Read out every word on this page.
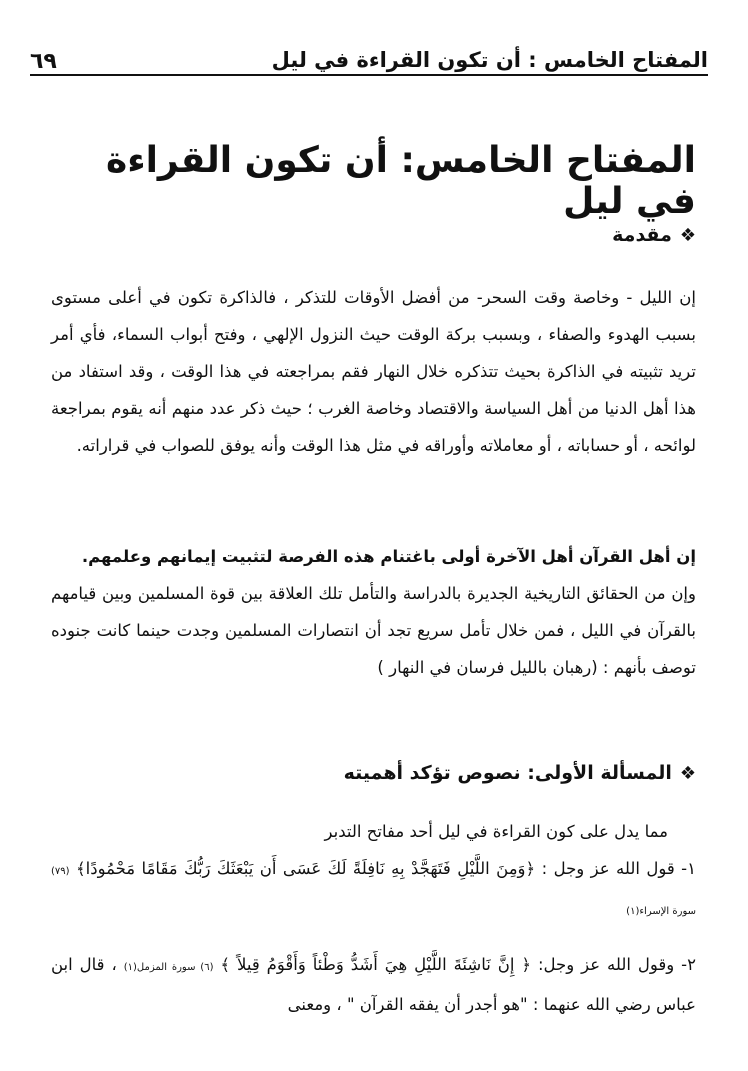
المفتاح الخامس : أن تكون القراءة في ليل
٦٩
المفتاح الخامس: أن تكون القراءة في ليل
❖
مقدمة

إن الليل - وخاصة وقت السحر- من أفضل الأوقات للتذكر ، فالذاكرة تكون في أعلى مستوى بسبب الهدوء والصفاء ، وبسبب بركة الوقت حيث النزول الإلهي ، وفتح أبواب السماء، فأي أمر تريد تثبيته في الذاكرة بحيث تتذكره خلال النهار فقم بمراجعته في هذا الوقت ، وقد استفاد من هذا أهل الدنيا من أهل السياسة والاقتصاد وخاصة الغرب ؛ حيث ذكر عدد منهم أنه يقوم بمراجعة لوائحه ، أو حساباته ، أو معاملاته وأوراقه في مثل هذا الوقت وأنه يوفق للصواب في قراراته.

إن أهل القرآن أهل الآخرة أولى باغتنام هذه الفرصة لتثبيت إيمانهم وعلمهم.

وإن من الحقائق التاريخية الجديرة بالدراسة والتأمل تلك العلاقة بين قوة المسلمين وبين قيامهم بالقرآن في الليل ، فمن خلال تأمل سريع تجد أن انتصارات المسلمين وجدت حينما كانت جنوده توصف بأنهم : (رهبان بالليل فرسان في النهار )

❖
المسألة الأولى: نصوص تؤكد أهميته

مما يدل على كون القراءة في ليل أحد مفاتح التدبر

١- قول الله عز وجل : ﴿وَمِنَ اللَّيْلِ فَتَهَجَّدْ بِهِ نَافِلَةً لَكَ عَسَى أَن يَبْعَثَكَ رَبُّكَ مَقَامًا مَحْمُودًا﴾ (٧٩) سورة الإسراء(١)

٢- وقول الله عز وجل: ﴿ إِنَّ نَاشِئَةَ اللَّيْلِ هِيَ أَشَدُّ وَطْئاً وَأَقْوَمُ قِيلاً ﴾ (٦) سورة المزمل(١) ، قال ابن عباس رضي الله عنهما : "هو أجدر أن يفقه القرآن " ، ومعنى
